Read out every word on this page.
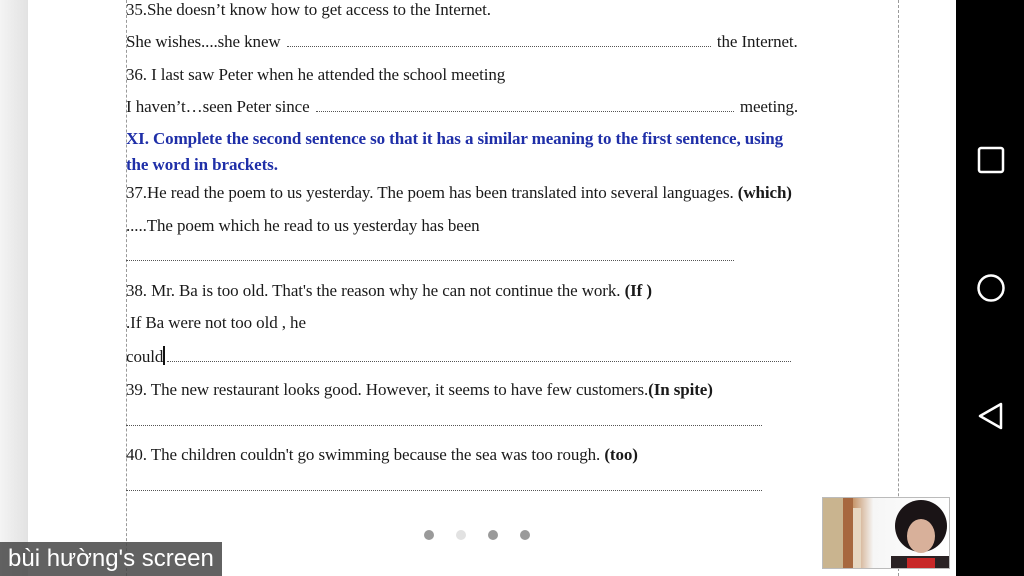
35.She doesn’t know how to get access to the Internet.
She wishes....she knew	the Internet.
36. I last saw Peter when he attended the school meeting
I haven’t…seen Peter since	meeting.
XI. Complete the second sentence so that it has a similar meaning to the first sentence, using
the word in brackets.
37.He read the poem to us yesterday. The poem has been translated into several languages. (which)
.....The poem which he read to us yesterday has been
38. Mr. Ba is too old. That's the reason why he can not continue the work. (If )
.If Ba were not too old , he
could
39. The new restaurant looks good. However, it seems to have few customers.(In spite)
40. The children couldn't go swimming because the sea was too rough. (too)
bùi hường's screen
